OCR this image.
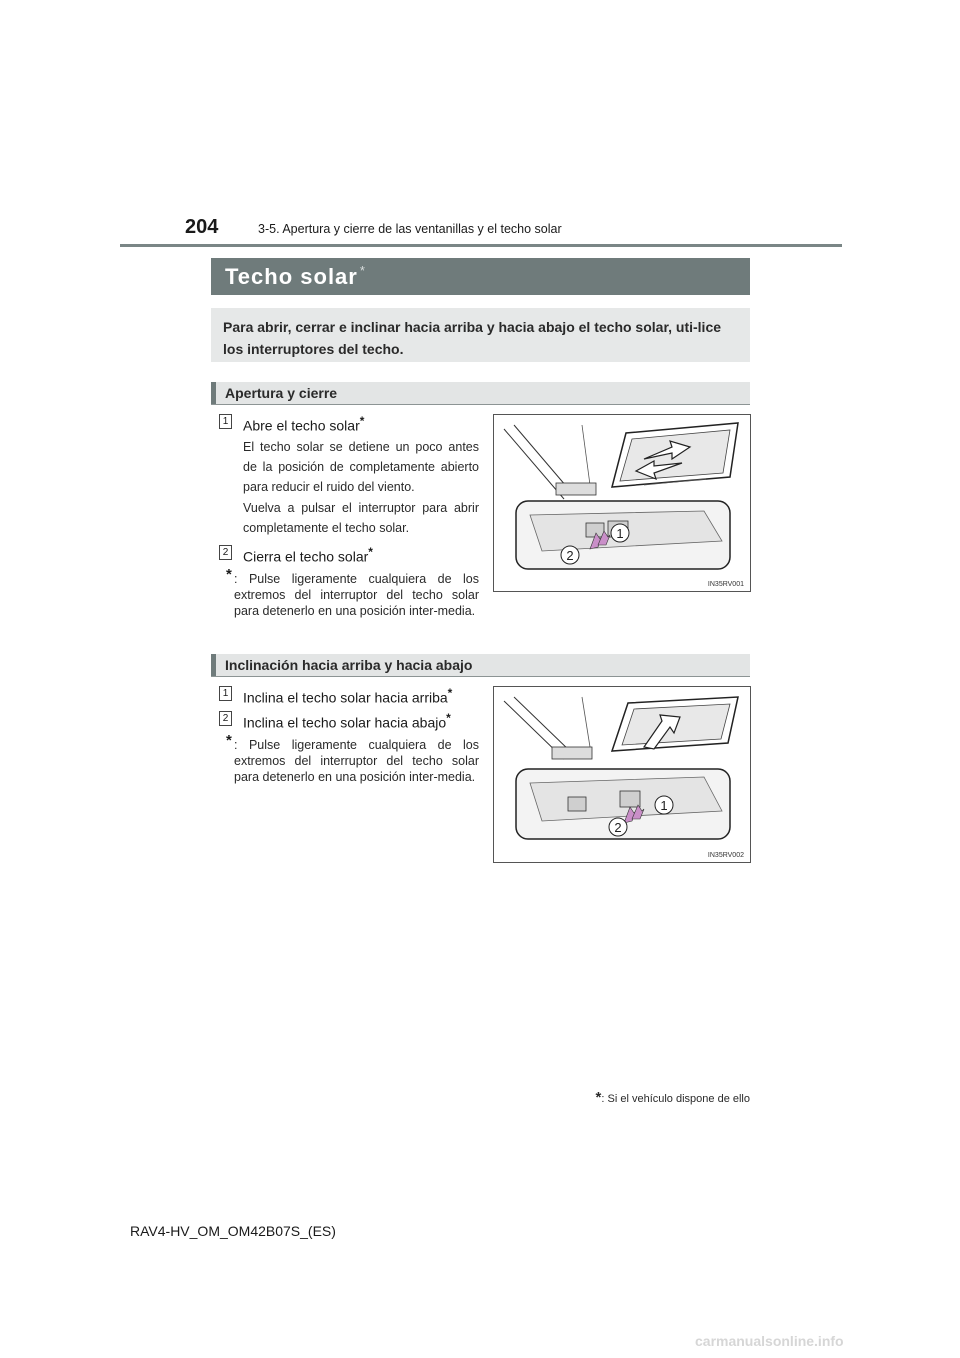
204	3-5. Apertura y cierre de las ventanillas y el techo solar
Techo solar *
Para abrir, cerrar e inclinar hacia arriba y hacia abajo el techo solar, uti-lice los interruptores del techo.
Apertura y cierre
1 Abre el techo solar*
El techo solar se detiene un poco antes de la posición de completamente abierto para reducir el ruido del viento.
Vuelva a pulsar el interruptor para abrir completamente el techo solar.
2 Cierra el techo solar*
* : Pulse ligeramente cualquiera de los extremos del interruptor del techo solar para detenerlo en una posición inter-media.
1
2
IN35RV001
Inclinación hacia arriba y hacia abajo
1 Inclina el techo solar hacia arriba*
2 Inclina el techo solar hacia abajo*
* : Pulse ligeramente cualquiera de los extremos del interruptor del techo solar para detenerlo en una posición inter-media.
1
2
IN35RV002
*: Si el vehículo dispone de ello
RAV4-HV_OM_OM42B07S_(ES)
carmanualsonline.info
